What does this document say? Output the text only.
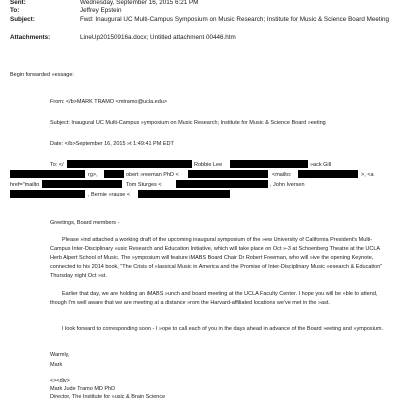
Sent:	Wednesday, September 16, 2015 6:21 PM
To:	Jeffrey Epstein
Subject:	Fwd: Inaugural UC Multi-Campus Symposium on Music Research; Institute for Music & Science Board Meeting
Attachments:	LineUp20150916a.docx; Untitled attachment 00446.htm
Begin forwarded »essage:
From: </b>MARK TRAMO <mtramo@ucla.edu>
Subject: Inaugural UC Multi-Campus »ymposium on Music Research; Institute for Music & Science Board »eeting
Date: </b>September 16, 2015 »t 1:49:41 PM EDT
To: </	Robbie Lee	»ack Gill
rg>,	obert »reeman PhD <	<mailto:	>, <a
href="mailto	Tom Sturges <	, John Iversen
, Bernie »rause <
Greetings, Board members -
Please »ind attached a working draft of the upcoming inaugural symposium of the »ew University of California President's Multi-Campus Inter-Disciplinary »usic Research and Education Initiative, which will take place on Oct »-3 at Schoenberg Theatre at the UCLA Herb Alpert School of Music. The »ymposium will feature iMABS Board Chair Dr Robert Freeman, who will »ive the opening Keynote, connected to his 2014 book, "The Crisis of »lassical Music in America and the Promise of Inter-Disciplinary Music »esearch & Education" Thursday night Oct »st.
Earlier that day, we are holding an iMABS »unch and board meeting at the UCLA Faculty Center. I hope you will be »ble to attend, though I'm well aware that we are meeting at a distance »rom the Harvard-affiliated locations we've met in the »ast.
I look forward to corresponding soon - I »ope to call each of you in the days ahead in advance of the Board »eeting and »ymposium.
Warmly,
Mark
<><div>
Mark Jude Tramo MD PhD
Director, The Institute for »usic & Brain Science
